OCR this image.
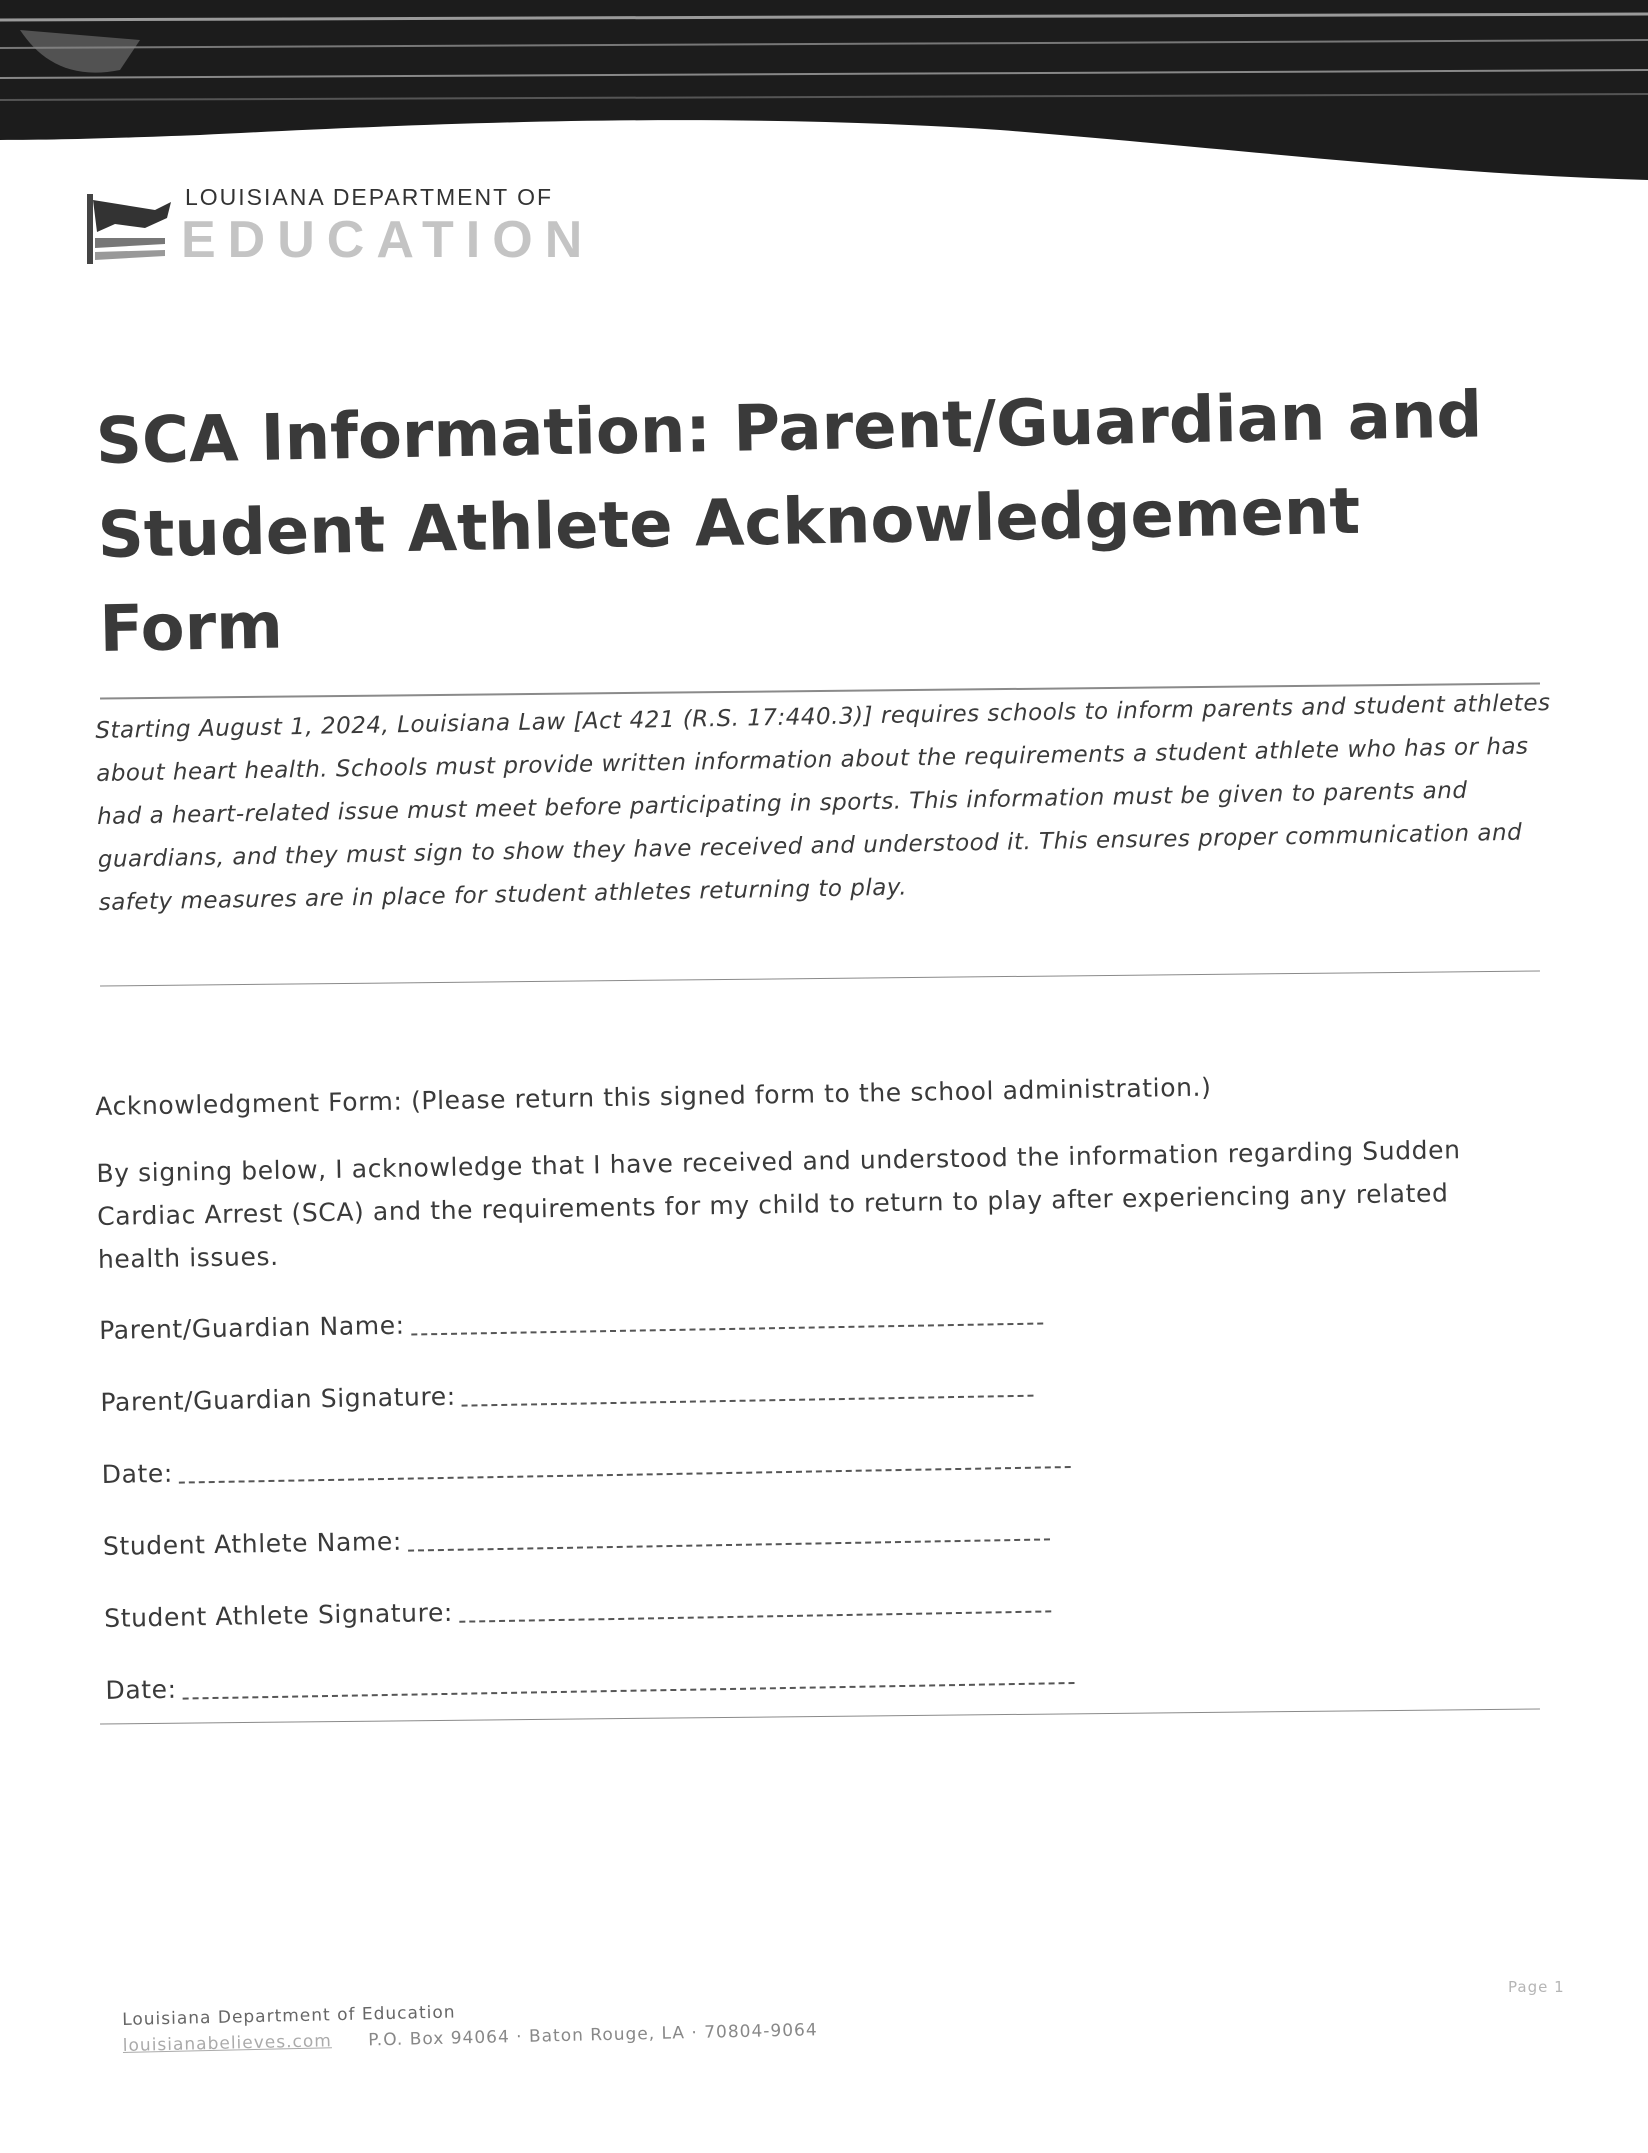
LOUISIANA DEPARTMENT OF
EDUCATION
SCA Information: Parent/Guardian and Student Athlete Acknowledgement Form

Starting August 1, 2024, Louisiana Law [Act 421 (R.S. 17:440.3)] requires schools to inform parents and student athletes about heart health. Schools must provide written information about the requirements a student athlete who has or has had a heart-related issue must meet before participating in sports. This information must be given to parents and guardians, and they must sign to show they have received and understood it. This ensures proper communication and safety measures are in place for student athletes returning to play.

Acknowledgment Form: (Please return this signed form to the school administration.)

By signing below, I acknowledge that I have received and understood the information regarding Sudden Cardiac Arrest (SCA) and the requirements for my child to return to play after experiencing any related health issues.

Parent/Guardian Name:
Parent/Guardian Signature:
Date:
Student Athlete Name:
Student Athlete Signature:
Date:
Page 1
Louisiana Department of Education
louisianabelieves.com P.O. Box 94064 · Baton Rouge, LA · 70804-9064
